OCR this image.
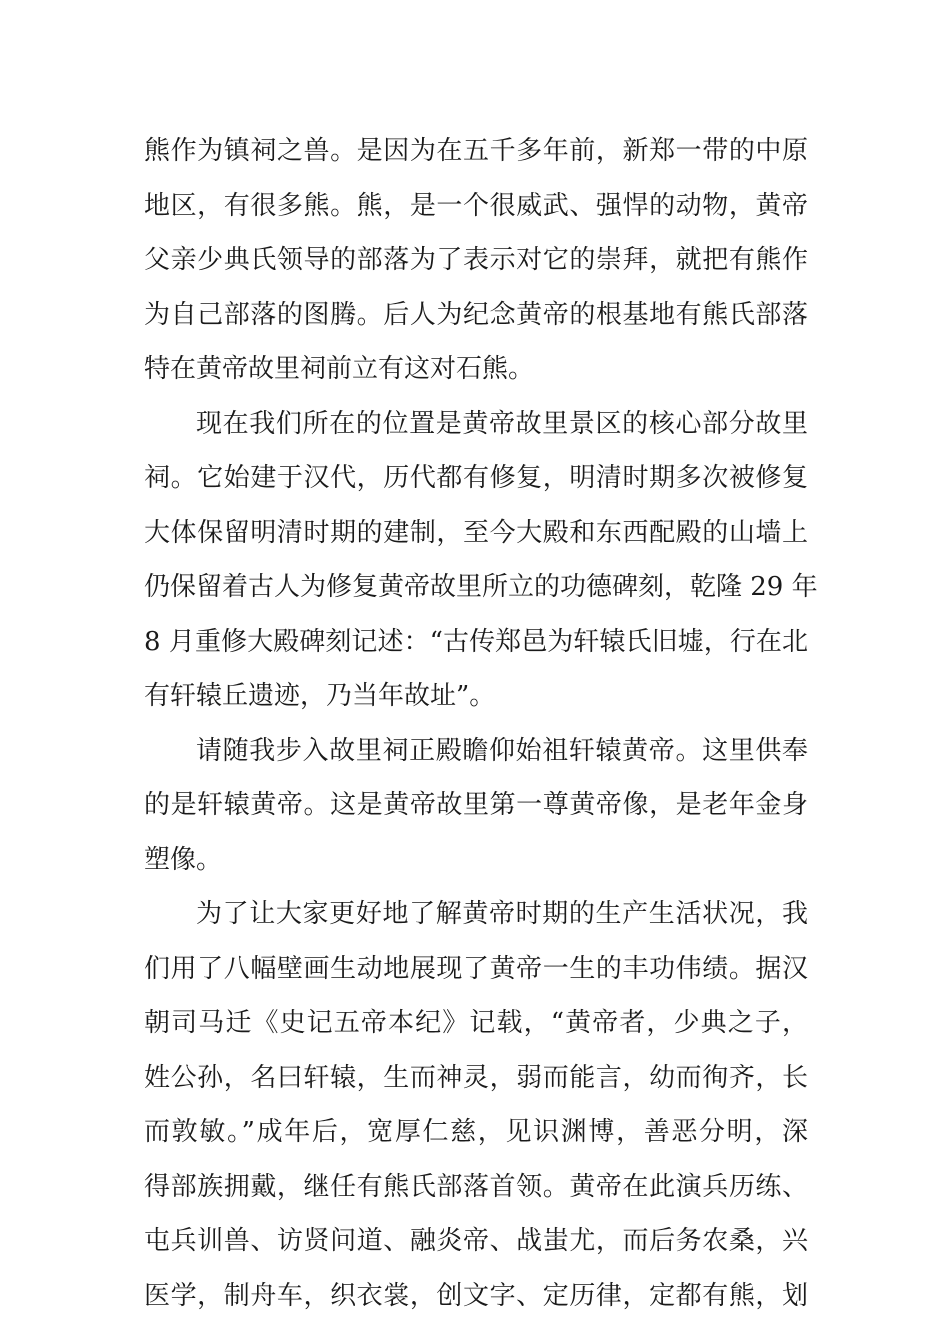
熊作为镇祠之兽。是因为在五千多年前，新郑一带的中原
地区，有很多熊。熊，是一个很威武、强悍的动物，黄帝
父亲少典氏领导的部落为了表示对它的崇拜，就把有熊作
为自己部落的图腾。后人为纪念黄帝的根基地有熊氏部落
特在黄帝故里祠前立有这对石熊。
现在我们所在的位置是黄帝故里景区的核心部分故里
祠。它始建于汉代，历代都有修复，明清时期多次被修复
大体保留明清时期的建制，至今大殿和东西配殿的山墙上
仍保留着古人为修复黄帝故里所立的功德碑刻，乾隆 29 年
8 月重修大殿碑刻记述：“古传郑邑为轩辕氏旧墟，行在北
有轩辕丘遗迹，乃当年故址”。
请随我步入故里祠正殿瞻仰始祖轩辕黄帝。这里供奉
的是轩辕黄帝。这是黄帝故里第一尊黄帝像，是老年金身
塑像。
为了让大家更好地了解黄帝时期的生产生活状况，我
们用了八幅壁画生动地展现了黄帝一生的丰功伟绩。据汉
朝司马迁《史记五帝本纪》记载，“黄帝者，少典之子，
姓公孙，名曰轩辕，生而神灵，弱而能言，幼而徇齐，长
而敦敏。”成年后，宽厚仁慈，见识渊博，善恶分明，深
得部族拥戴，继任有熊氏部落首领。黄帝在此演兵历练、
屯兵训兽、访贤问道、融炎帝、战蚩尤，而后务农桑，兴
医学，制舟车，织衣裳，创文字、定历律，定都有熊，划
